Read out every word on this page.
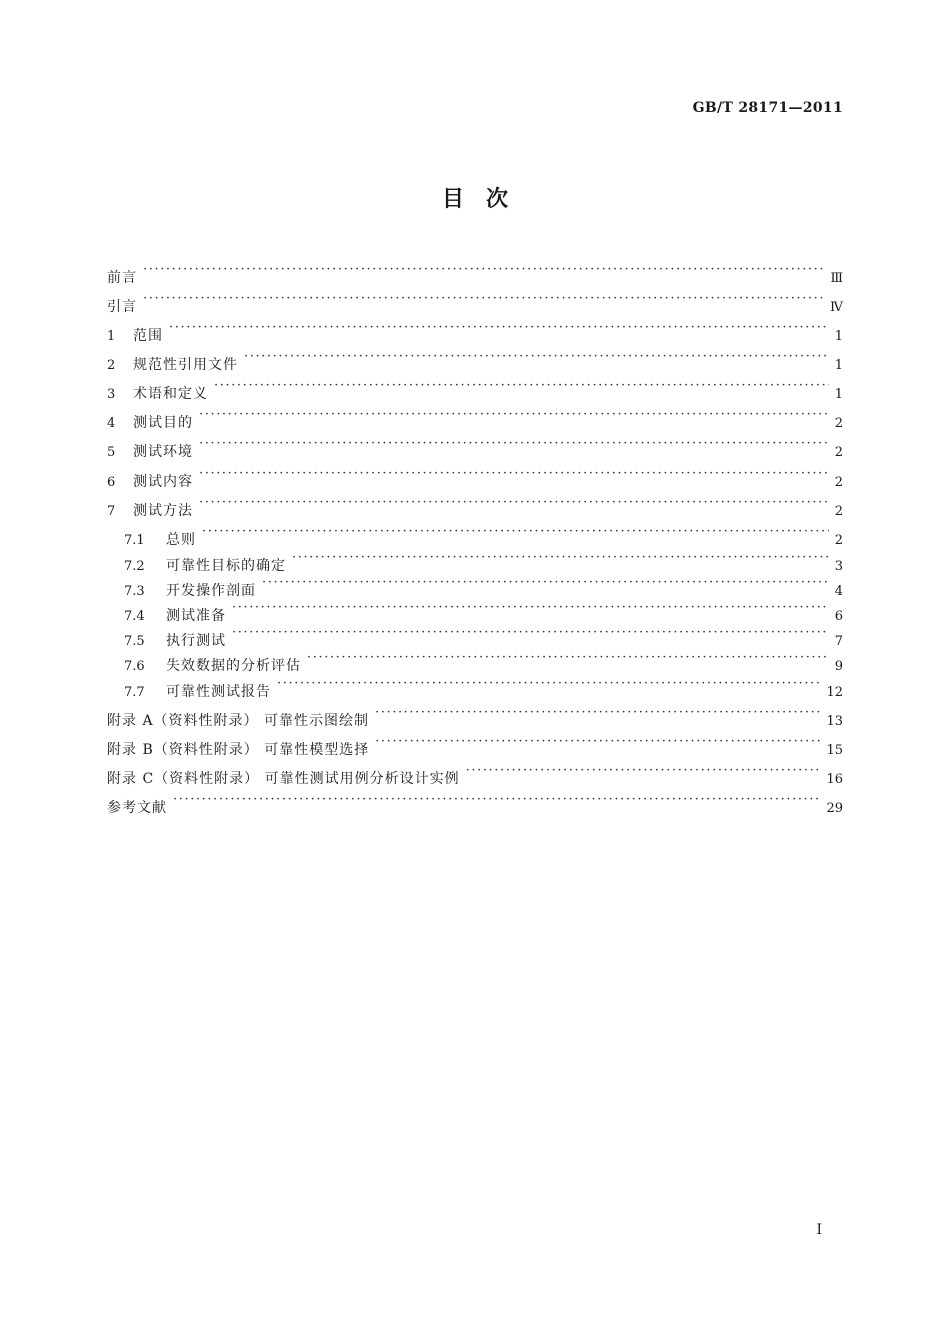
GB/T 28171—2011
目　次
前言 ·····	Ⅲ
引言 ·····	Ⅳ
1	范围 ·····	1
2	规范性引用文件 ·····	1
3	术语和定义 ·····	1
4	测试目的 ·····	2
5	测试环境 ·····	2
6	测试内容 ·····	2
7	测试方法 ·····	2
7.1	总则 ·····	2
7.2	可靠性目标的确定 ·····	3
7.3	开发操作剖面 ·····	4
7.4	测试准备 ·····	6
7.5	执行测试 ·····	7
7.6	失效数据的分析评估 ·····	9
7.7	可靠性测试报告 ·····	12
附录 A（资料性附录） 可靠性示图绘制 ·····	13
附录 B（资料性附录） 可靠性模型选择 ·····	15
附录 C（资料性附录） 可靠性测试用例分析设计实例 ·····	16
参考文献 ·····	29
I
